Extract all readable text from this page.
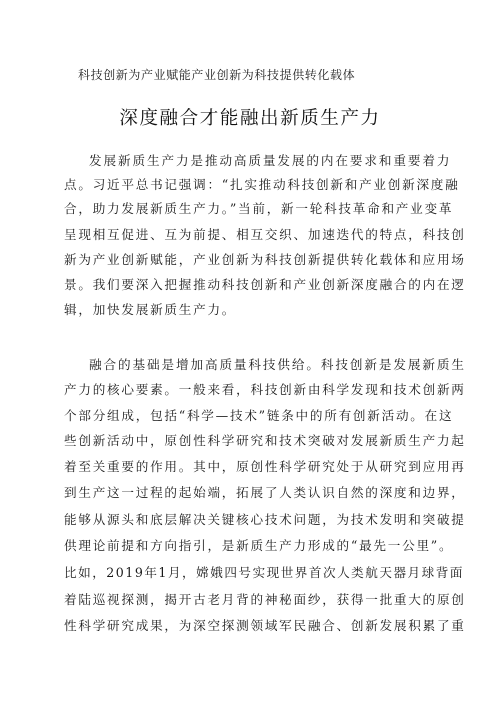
科技创新为产业赋能产业创新为科技提供转化载体
深度融合才能融出新质生产力
发展新质生产力是推动高质量发展的内在要求和重要着力
点。习近平总书记强调：“扎实推动科技创新和产业创新深度融
合，助力发展新质生产力。”当前，新一轮科技革命和产业变革
呈现相互促进、互为前提、相互交织、加速迭代的特点，科技创
新为产业创新赋能，产业创新为科技创新提供转化载体和应用场
景。我们要深入把握推动科技创新和产业创新深度融合的内在逻
辑，加快发展新质生产力。
融合的基础是增加高质量科技供给。科技创新是发展新质生
产力的核心要素。一般来看，科技创新由科学发现和技术创新两
个部分组成，包括“科学—技术”链条中的所有创新活动。在这
些创新活动中，原创性科学研究和技术突破对发展新质生产力起
着至关重要的作用。其中，原创性科学研究处于从研究到应用再
到生产这一过程的起始端，拓展了人类认识自然的深度和边界，
能够从源头和底层解决关键核心技术问题，为技术发明和突破提
供理论前提和方向指引，是新质生产力形成的“最先一公里”。
比如，2019年1月，嫦娥四号实现世界首次人类航天器月球背面
着陆巡视探测，揭开古老月背的神秘面纱，获得一批重大的原创
性科学研究成果，为深空探测领域军民融合、创新发展积累了重
